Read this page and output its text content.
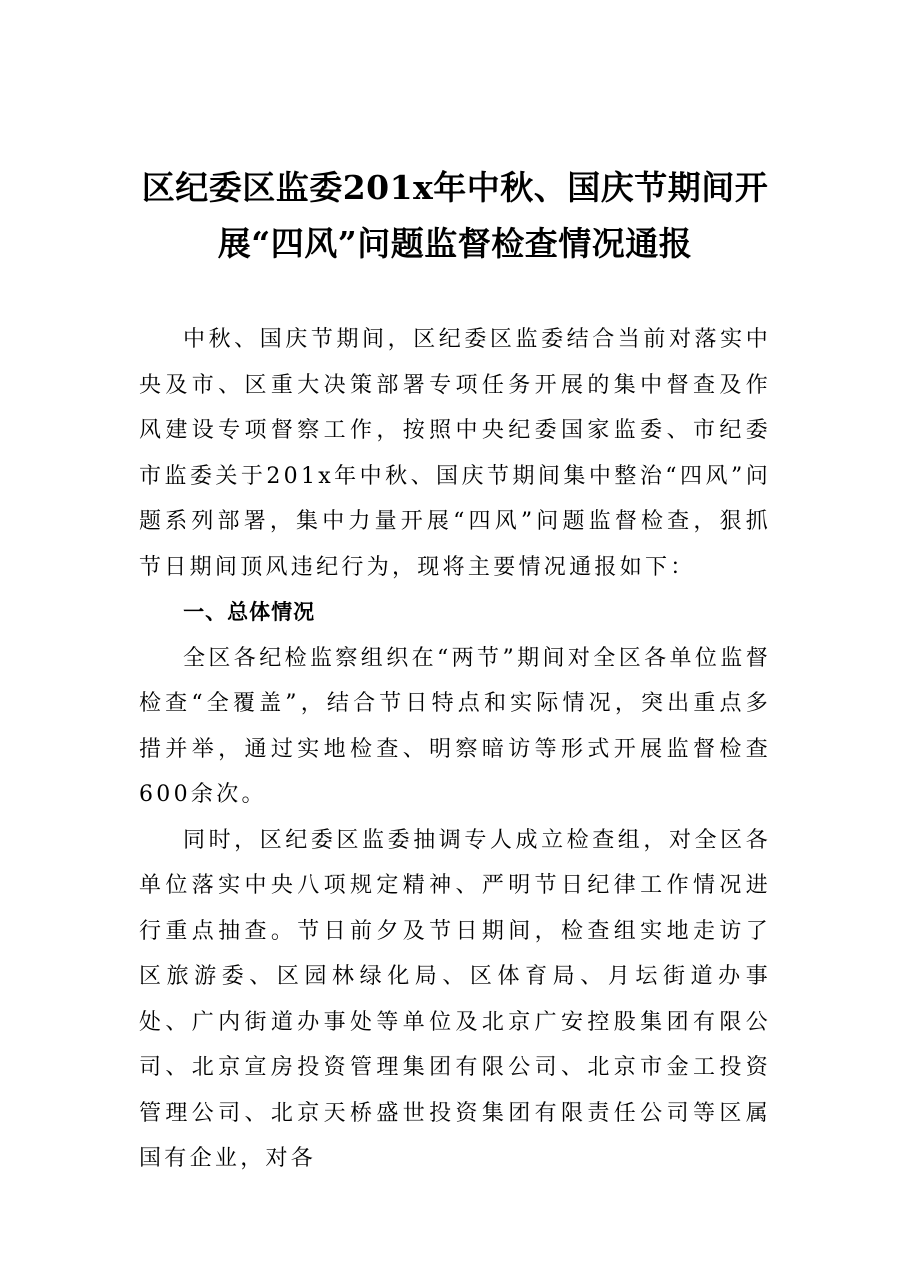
区纪委区监委201x年中秋、国庆节期间开展“四风”问题监督检查情况通报

中秋、国庆节期间，区纪委区监委结合当前对落实中央及市、区重大决策部署专项任务开展的集中督查及作风建设专项督察工作，按照中央纪委国家监委、市纪委市监委关于201x年中秋、国庆节期间集中整治“四风”问题系列部署，集中力量开展“四风”问题监督检查，狠抓节日期间顶风违纪行为，现将主要情况通报如下：

一、总体情况

全区各纪检监察组织在“两节”期间对全区各单位监督检查“全覆盖”，结合节日特点和实际情况，突出重点多措并举，通过实地检查、明察暗访等形式开展监督检查600余次。

同时，区纪委区监委抽调专人成立检查组，对全区各单位落实中央八项规定精神、严明节日纪律工作情况进行重点抽查。节日前夕及节日期间，检查组实地走访了区旅游委、区园林绿化局、区体育局、月坛街道办事处、广内街道办事处等单位及北京广安控股集团有限公司、北京宣房投资管理集团有限公司、北京市金工投资管理公司、北京天桥盛世投资集团有限责任公司等区属国有企业，对各
